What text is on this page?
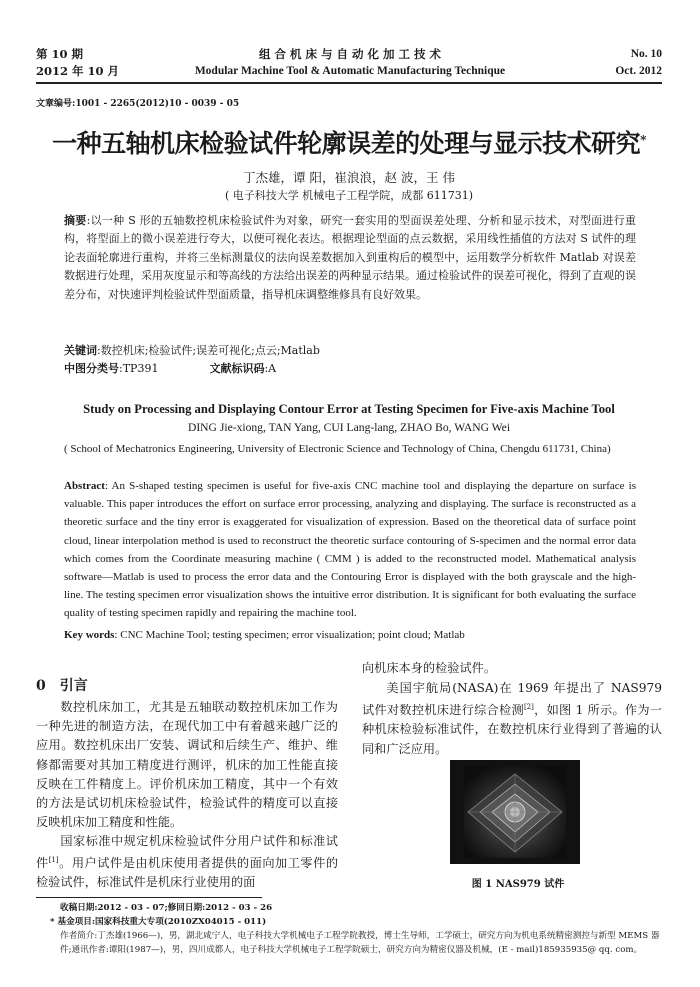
第 10 期
2012 年 10 月
组 合 机 床 与 自 动 化 加 工 技 术
Modular Machine Tool & Automatic Manufacturing Technique
No. 10
Oct. 2012
文章编号:1001 - 2265(2012)10 - 0039 - 05
一种五轴机床检验试件轮廓误差的处理与显示技术研究*
丁杰雄，谭 阳，崔浪浪，赵 波，王 伟
( 电子科技大学 机械电子工程学院，成都 611731)
摘要:以一种 S 形的五轴数控机床检验试件为对象，研究一套实用的型面误差处理、分析和显示技术，对型面进行重构，将型面上的微小误差进行夸大，以便可视化表达。根据理论型面的点云数据，采用线性插值的方法对 S 试件的理论表面轮廓进行重构，并将三坐标测量仪的法向误差数据加入到重构后的模型中，运用数学分析软件 Matlab 对误差数据进行处理，采用灰度显示和等高线的方法给出误差的两种显示结果。通过检验试件的误差可视化，得到了直观的误差分布，对快速评判检验试件型面质量，指导机床调整维修具有良好效果。
关键词:数控机床;检验试件;误差可视化;点云;Matlab
中图分类号:TP391	文献标识码:A
Study on Processing and Displaying Contour Error at Testing Specimen for Five-axis Machine Tool
DING Jie-xiong, TAN Yang, CUI Lang-lang, ZHAO Bo, WANG Wei
( School of Mechatronics Engineering, University of Electronic Science and Technology of China, Chengdu 611731, China)
Abstract: An S-shaped testing specimen is useful for five-axis CNC machine tool and displaying the departure on surface is valuable. This paper introduces the effort on surface error processing, analyzing and displaying. The surface is reconstructed as a theoretic surface and the tiny error is exaggerated for visualization of expression. Based on the theoretical data of surface point cloud, linear interpolation method is used to reconstruct the theoretic surface contouring of S-specimen and the normal error data which comes from the Coordinate measuring machine ( CMM ) is added to the reconstructed model. Mathematical analysis software—Matlab is used to process the error data and the Contouring Error is displayed with the both grayscale and the high-line. The testing specimen error visualization shows the intuitive error distribution. It is significant for both evaluating the surface quality of testing specimen rapidly and repairing the machine tool.
Key words: CNC Machine Tool; testing specimen; error visualization; point cloud; Matlab
0 引言
数控机床加工，尤其是五轴联动数控机床加工作为一种先进的制造方法，在现代加工中有着越来越广泛的应用。数控机床出厂安装、调试和后续生产、维护、维修都需要对其加工精度进行测评，机床的加工性能直接反映在工件精度上。评价机床加工精度，其中一个有效的方法是试切机床检验试件，检验试件的精度可以直接反映机床加工精度和性能。
国家标准中规定机床检验试件分用户试件和标准试件[1]。用户试件是由机床使用者提供的面向加工零件的检验试件，标准试件是机床行业使用的面
向机床本身的检验试件。
美国宇航局(NASA)在 1969 年提出了 NAS979 试件对数控机床进行综合检测[2]，如图 1 所示。作为一种机床检验标准试件，在数控机床行业得到了普遍的认同和广泛应用。
图 1 NAS979 试件
收稿日期:2012 - 03 - 07;修回日期:2012 - 03 - 26
* 基金项目:国家科技重大专项(2010ZX04015 - 011)
作者简介:丁杰雄(1966—)，男，湖北咸宁人，电子科技大学机械电子工程学院教授，博士生导师，工学硕士，研究方向为机电系统精密测控与新型 MEMS 器件;通讯作者:谭阳(1987—)，男，四川成都人，电子科技大学机械电子工程学院硕士，研究方向为精密仪器及机械，(E - mail)185935935@ qq. com。
